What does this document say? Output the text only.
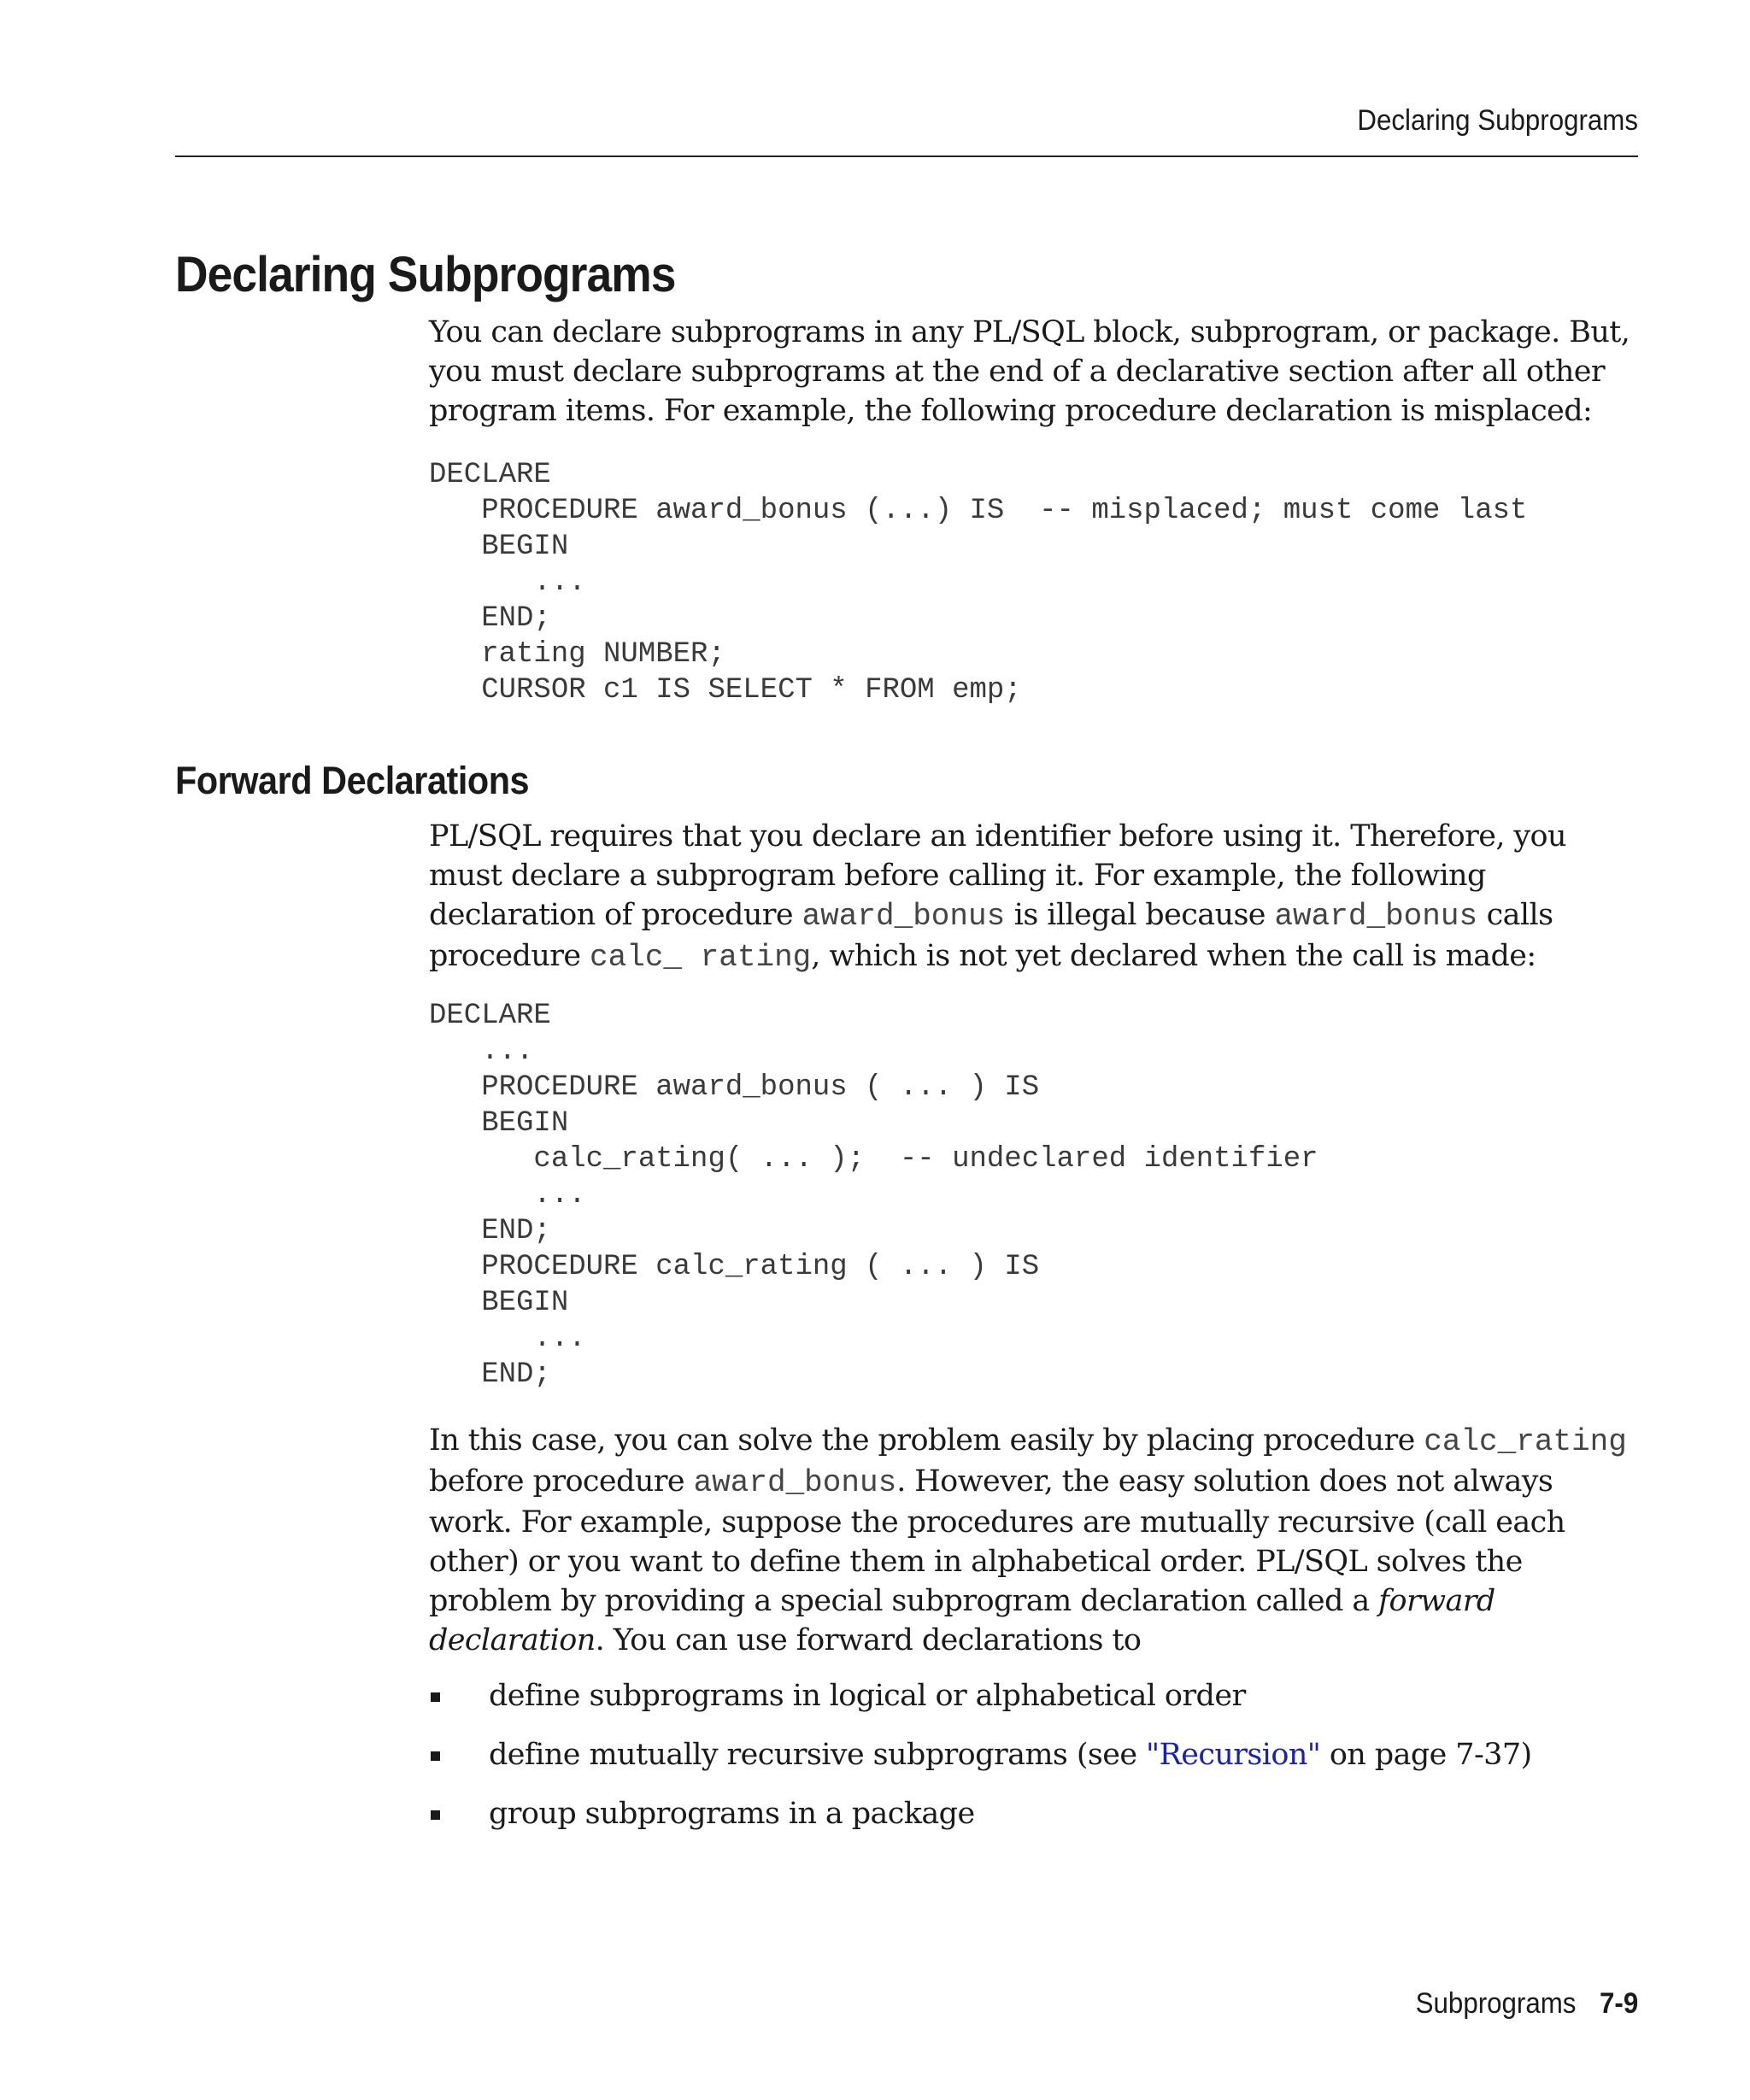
Declaring Subprograms
Declaring Subprograms

You can declare subprograms in any PL/SQL block, subprogram, or package. But, you must declare subprograms at the end of a declarative section after all other program items. For example, the following procedure declaration is misplaced:

DECLARE
PROCEDURE award_bonus (...) IS  -- misplaced; must come last
BEGIN
...
END;
rating NUMBER;
CURSOR c1 IS SELECT * FROM emp;
Forward Declarations

PL/SQL requires that you declare an identifier before using it. Therefore, you must declare a subprogram before calling it. For example, the following declaration of procedure award_bonus is illegal because award_bonus calls procedure calc_ rating, which is not yet declared when the call is made:

DECLARE
...
PROCEDURE award_bonus ( ... ) IS
BEGIN
calc_rating( ... );  -- undeclared identifier
...
END;
PROCEDURE calc_rating ( ... ) IS
BEGIN
...
END;

In this case, you can solve the problem easily by placing procedure calc_rating before procedure award_bonus. However, the easy solution does not always work. For example, suppose the procedures are mutually recursive (call each other) or you want to define them in alphabetical order. PL/SQL solves the problem by providing a special subprogram declaration called a forward declaration. You can use forward declarations to

define subprograms in logical or alphabetical order
define mutually recursive subprograms (see "Recursion" on page 7-37)
group subprograms in a package
Subprograms 7-9
